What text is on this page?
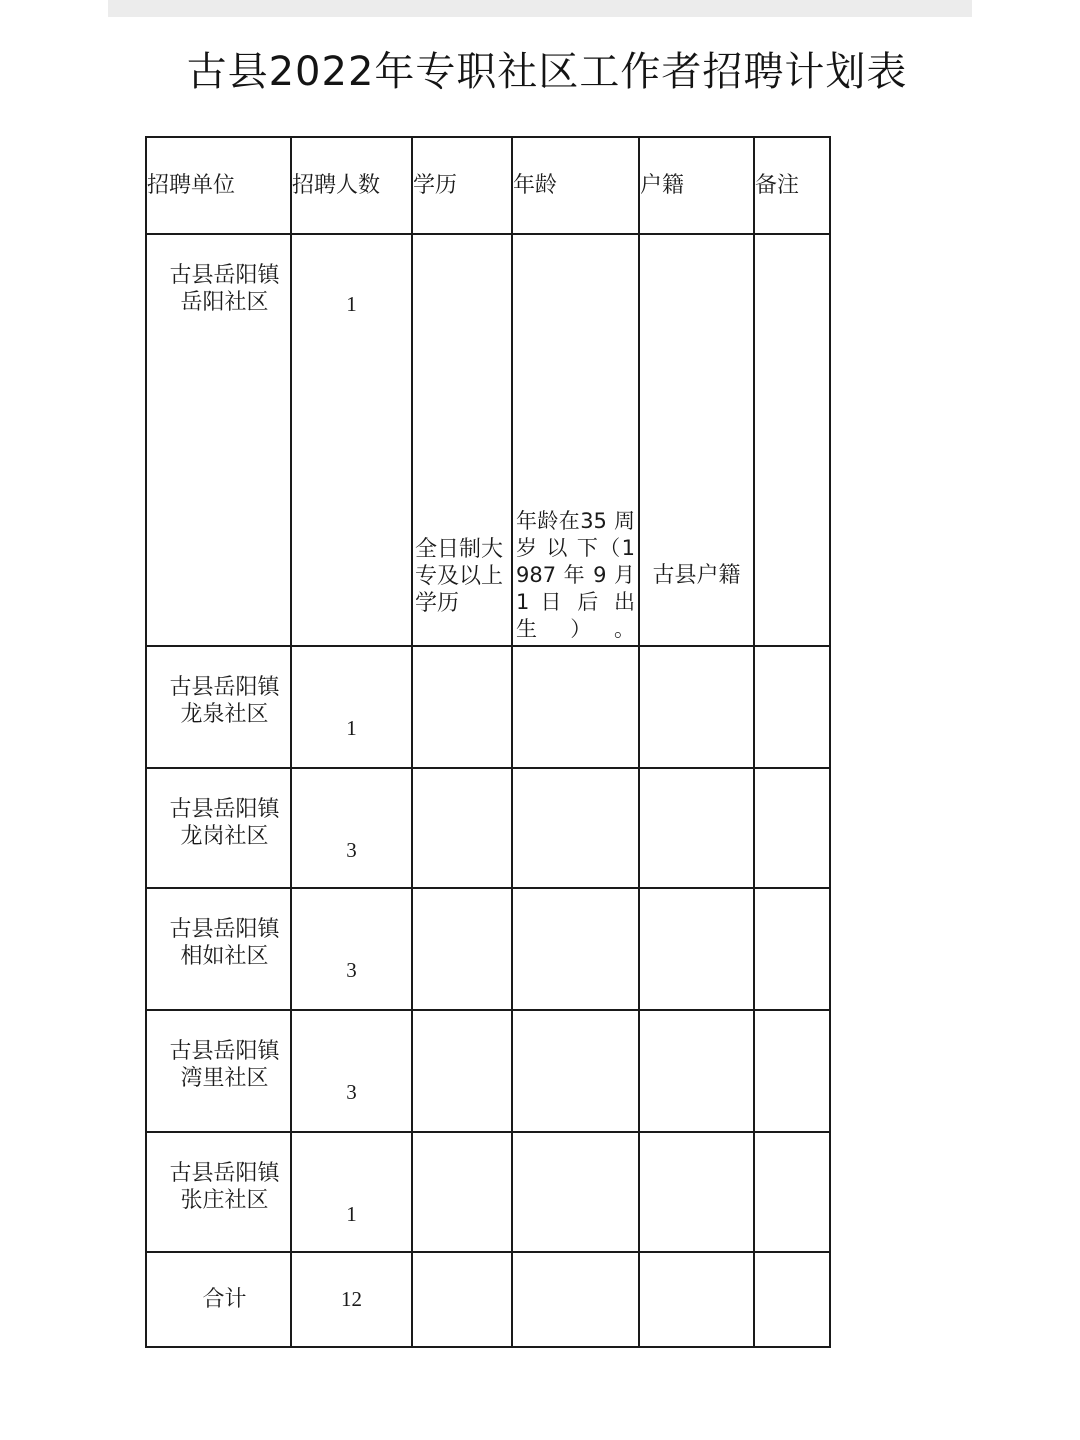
古县2022年专职社区工作者招聘计划表
招聘单位	招聘人数	学历	年龄	户籍	备注

古县岳阳镇
岳阳社区	1	全日制大专及以上学历	年龄在35 周岁 以 下（1987 年 9 月 1 日 后 出 生）。	古县户籍	

古县岳阳镇
龙泉社区	1				

古县岳阳镇
龙岗社区	3				

古县岳阳镇
相如社区	3				

古县岳阳镇
湾里社区	3				

古县岳阳镇
张庄社区	1				
合计	12				
